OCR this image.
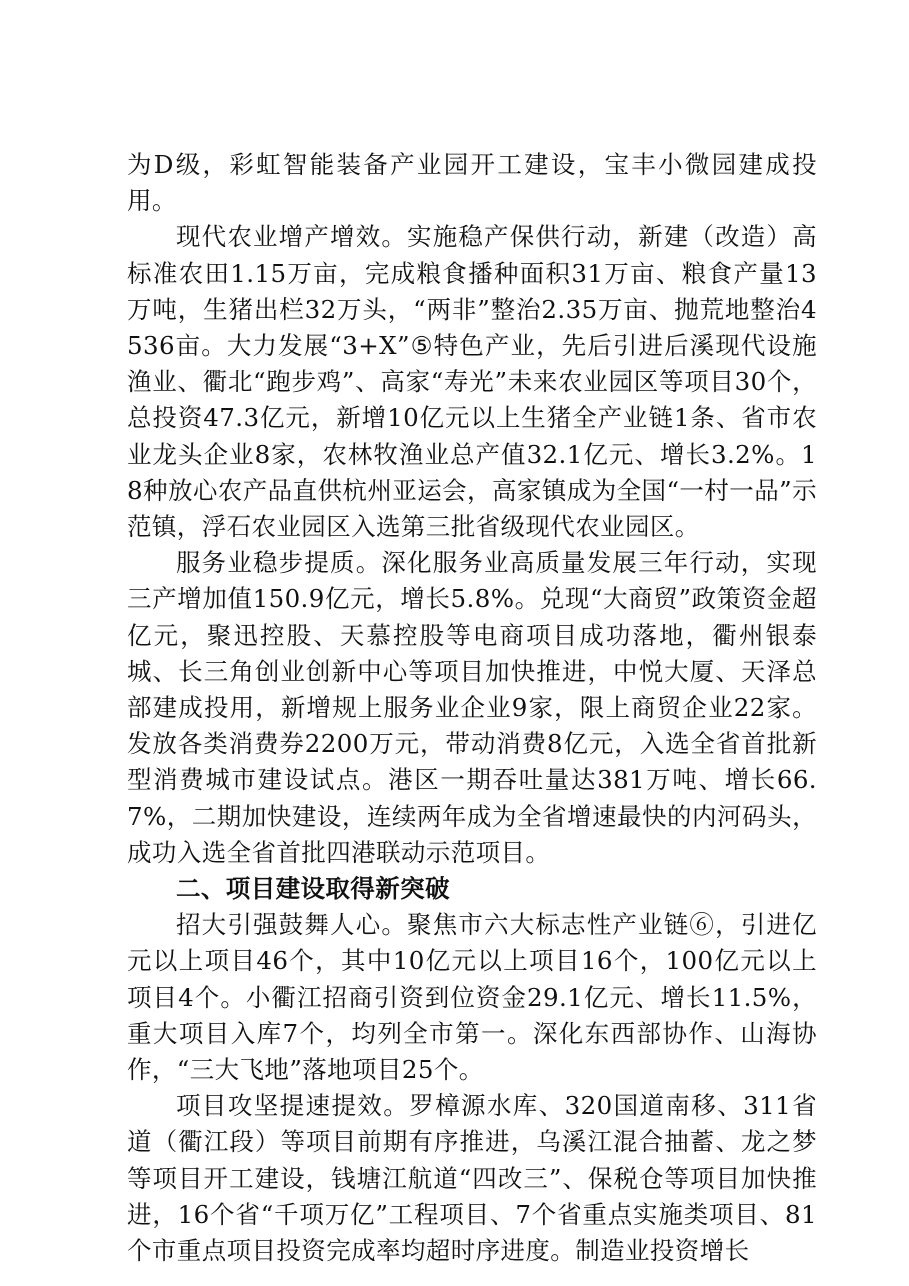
为D级，彩虹智能装备产业园开工建设，宝丰小微园建成投用。

现代农业增产增效。实施稳产保供行动，新建（改造）高标准农田1.15万亩，完成粮食播种面积31万亩、粮食产量13万吨，生猪出栏32万头，“两非”整治2.35万亩、抛荒地整治4536亩。大力发展“3+X”⑤特色产业，先后引进后溪现代设施渔业、衢北“跑步鸡”、高家“寿光”未来农业园区等项目30个，总投资47.3亿元，新增10亿元以上生猪全产业链1条、省市农业龙头企业8家，农林牧渔业总产值32.1亿元、增长3.2%。18种放心农产品直供杭州亚运会，高家镇成为全国“一村一品”示范镇，浮石农业园区入选第三批省级现代农业园区。

服务业稳步提质。深化服务业高质量发展三年行动，实现三产增加值150.9亿元，增长5.8%。兑现“大商贸”政策资金超亿元，聚迅控股、天慕控股等电商项目成功落地，衢州银泰城、长三角创业创新中心等项目加快推进，中悦大厦、天泽总部建成投用，新增规上服务业企业9家，限上商贸企业22家。发放各类消费券2200万元，带动消费8亿元，入选全省首批新型消费城市建设试点。港区一期吞吐量达381万吨、增长66.7%，二期加快建设，连续两年成为全省增速最快的内河码头，成功入选全省首批四港联动示范项目。

二、项目建设取得新突破

招大引强鼓舞人心。聚焦市六大标志性产业链⑥，引进亿元以上项目46个，其中10亿元以上项目16个，100亿元以上项目4个。小衢江招商引资到位资金29.1亿元、增长11.5%，重大项目入库7个，均列全市第一。深化东西部协作、山海协作，“三大飞地”落地项目25个。

项目攻坚提速提效。罗樟源水库、320国道南移、311省道（衢江段）等项目前期有序推进，乌溪江混合抽蓄、龙之梦等项目开工建设，钱塘江航道“四改三”、保税仓等项目加快推进，16个省“千项万亿”工程项目、7个省重点实施类项目、81个市重点项目投资完成率均超时序进度。制造业投资增长
